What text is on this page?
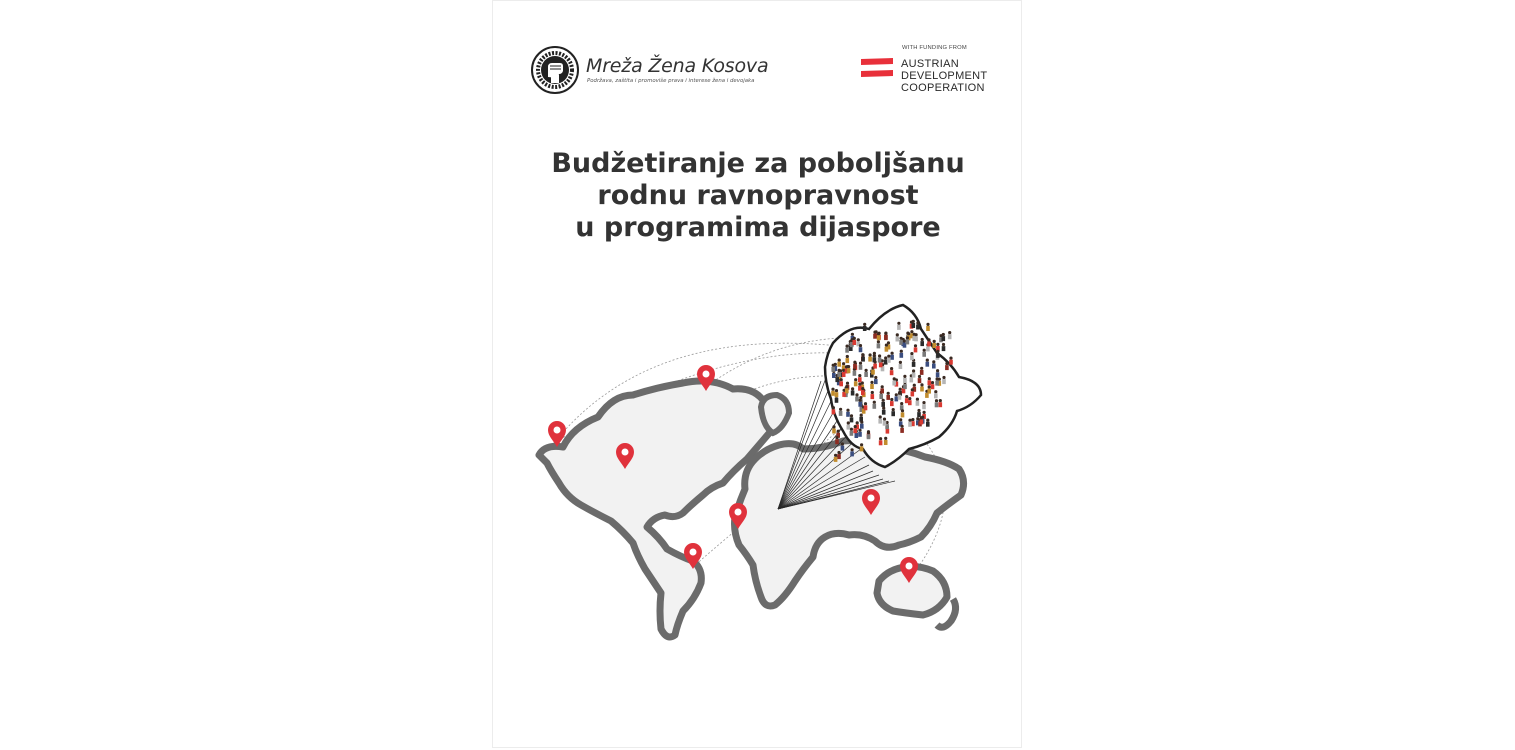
Mreža Žena Kosova
Podržava, zaštita i promoviše prava i interese žena i devojaka
WITH FUNDING FROM
AUSTRIAN
DEVELOPMENT
COOPERATION
Budžetiranje za poboljšanu
rodnu ravnopravnost
u programima dijaspore
